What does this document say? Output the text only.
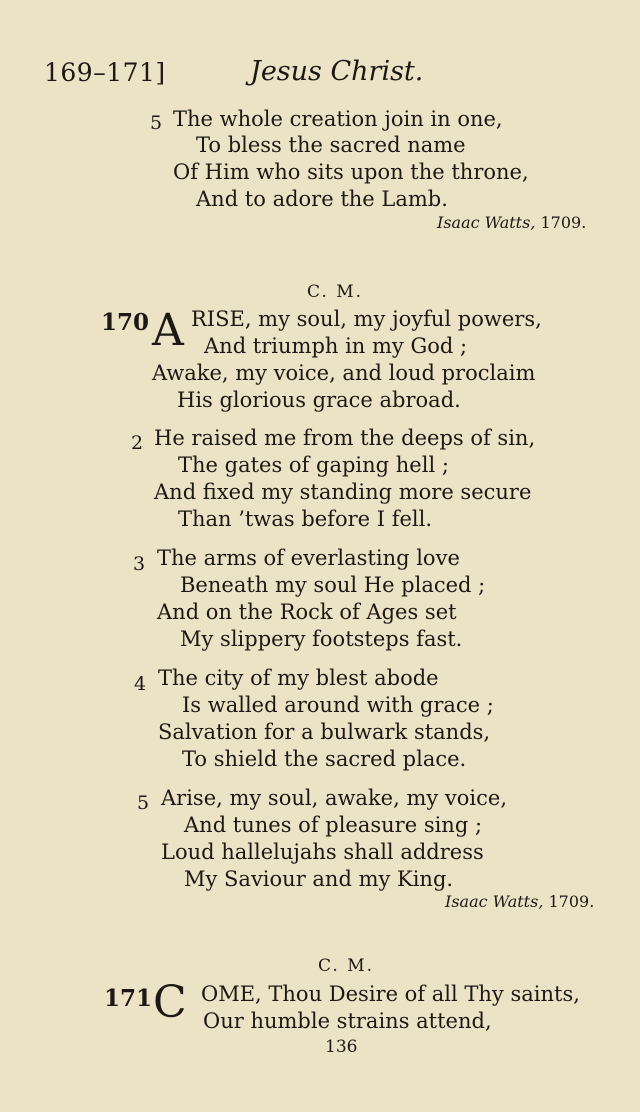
169–171]	Jesus Christ.
5 The whole creation join in one,
To bless the sacred name
Of Him who sits upon the throne,
And to adore the Lamb.
Isaac Watts, 1709.
C. M.
170 A RISE, my soul, my joyful powers,
And triumph in my God ;
Awake, my voice, and loud proclaim
His glorious grace abroad.
2 He raised me from the deeps of sin,
The gates of gaping hell ;
And fixed my standing more secure
Than ’twas before I fell.
3 The arms of everlasting love
Beneath my soul He placed ;
And on the Rock of Ages set
My slippery footsteps fast.
4 The city of my blest abode
Is walled around with grace ;
Salvation for a bulwark stands,
To shield the sacred place.
5 Arise, my soul, awake, my voice,
And tunes of pleasure sing ;
Loud hallelujahs shall address
My Saviour and my King.
Isaac Watts, 1709.
C. M.
171 C OME, Thou Desire of all Thy saints,
Our humble strains attend,
136
